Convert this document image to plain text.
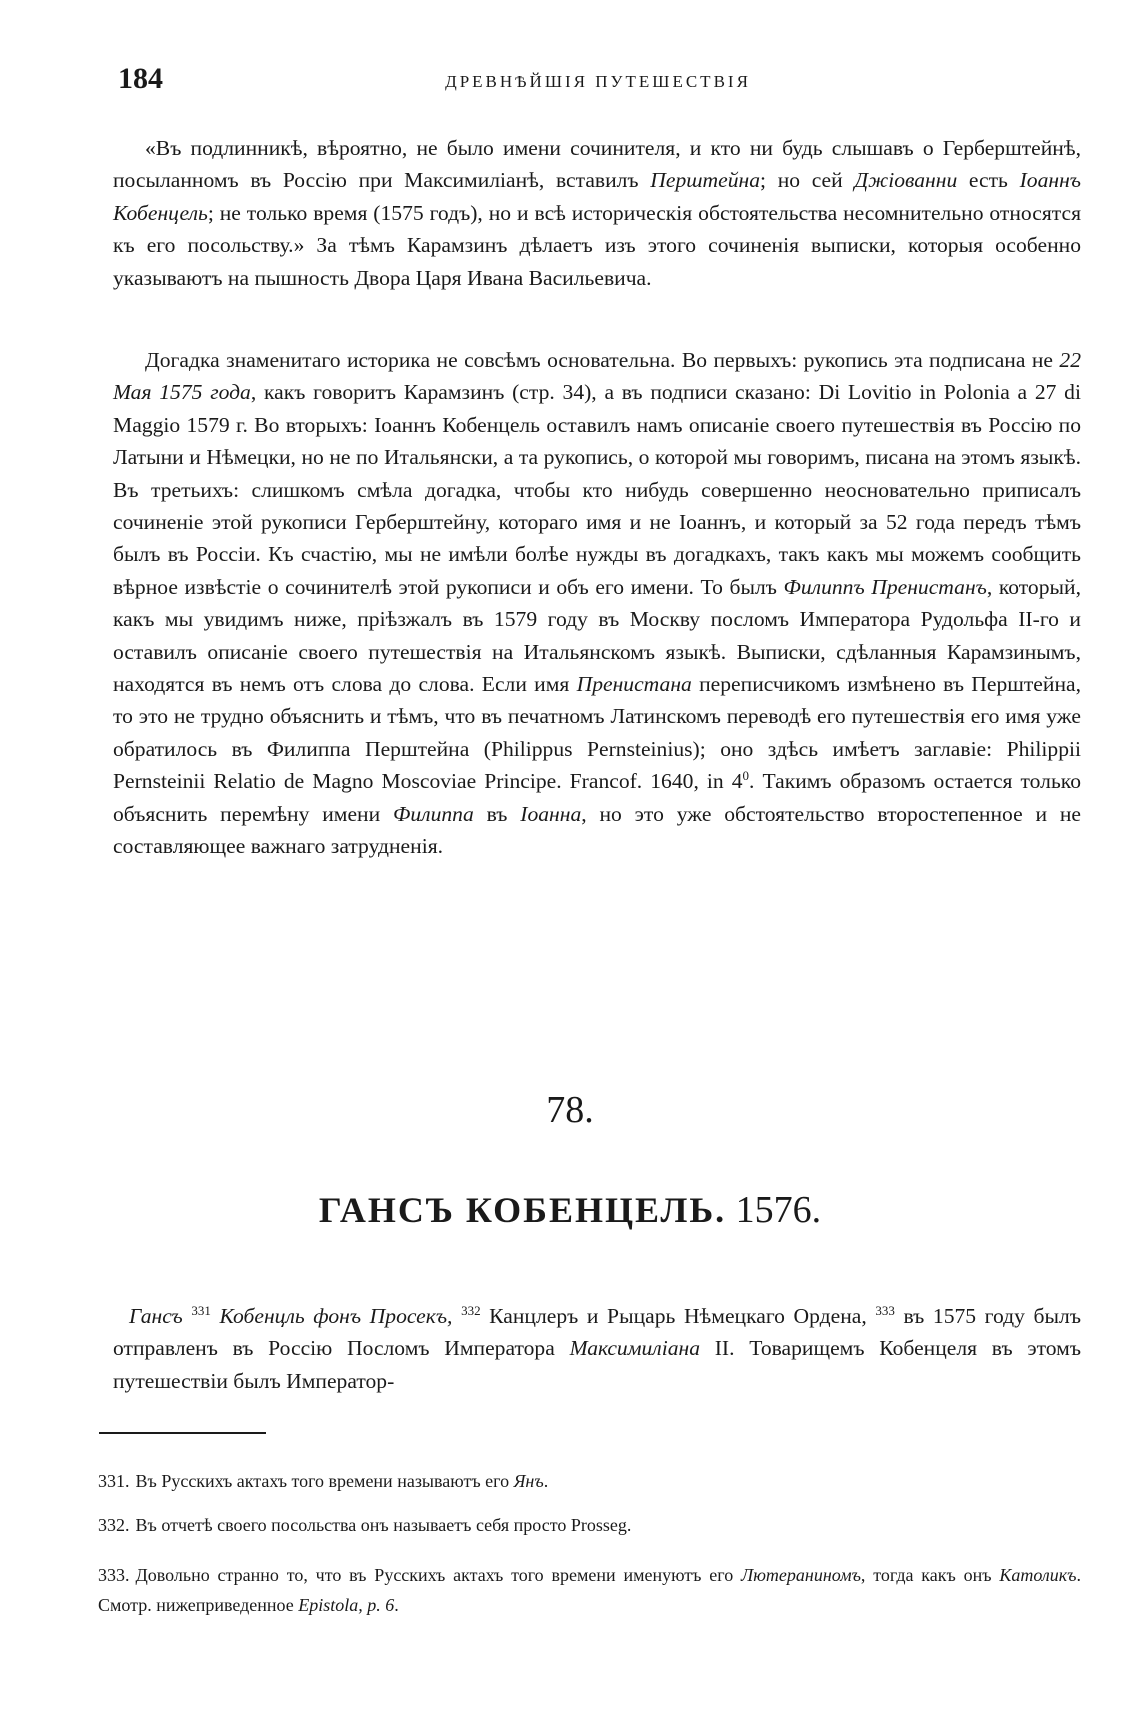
184	ДРЕВНѢЙШІЯ ПУТЕШЕСТВІЯ

«Въ подлинникѣ, вѣроятно, не было имени сочинителя, и кто ни будь слышавъ о Герберштейнѣ, посыланномъ въ Россію при Максимиліанѣ, вставилъ Перштейна; но сей Джіованни есть Іоаннъ Кобенцель; не только время (1575 годъ), но и всѣ историческія обстоятельства несомнительно относятся къ его посольству.» За тѣмъ Карамзинъ дѣлаетъ изъ этого сочиненія выписки, которыя особенно указываютъ на пышность Двора Царя Ивана Васильевича.

Догадка знаменитаго историка не совсѣмъ основательна. Во первыхъ: рукопись эта подписана не 22 Мая 1575 года, какъ говоритъ Карамзинъ (стр. 34), а въ подписи сказано: Di Lovitio in Polonia a 27 di Maggio 1579 г. Во вторыхъ: Іоаннъ Кобенцель оставилъ намъ описаніе своего путешествія въ Россію по Латыни и Нѣмецки, но не по Итальянски, а та рукопись, о которой мы говоримъ, писана на этомъ языкѣ. Въ третьихъ: слишкомъ смѣла догадка, чтобы кто нибудь совершенно неосновательно приписалъ сочиненіе этой рукописи Герберштейну, котораго имя и не Іоаннъ, и который за 52 года передъ тѣмъ былъ въ Россіи. Къ счастію, мы не имѣли болѣе нужды въ догадкахъ, такъ какъ мы можемъ сообщить вѣрное извѣстіе о сочинителѣ этой рукописи и объ его имени. То былъ Филиппъ Пренистанъ, который, какъ мы увидимъ ниже, пріѣзжалъ въ 1579 году въ Москву посломъ Императора Рудольфа II-го и оставилъ описаніе своего путешествія на Итальянскомъ языкѣ. Выписки, сдѣланныя Карамзинымъ, находятся въ немъ отъ слова до слова. Если имя Пренистана переписчикомъ измѣнено въ Перштейна, то это не трудно объяснить и тѣмъ, что въ печатномъ Латинскомъ переводѣ его путешествія его имя уже обратилось въ Филиппа Перштейна (Philippus Pernsteinius); оно здѣсь имѣетъ заглавіе: Philippii Pernsteinii Relatio de Magno Moscoviae Principe. Francof. 1640, in $4^0$. Такимъ образомъ остается только объяснить перемѣну имени Филиппа въ Іоанна, но это уже обстоятельство второстепенное и не составляющее важнаго затрудненія.

78.
ГАНСЪ КОБЕНЦЕЛЬ. 1576.

Гансъ $^{331}$ Кобенцль фонъ Просекъ, $^{332}$ Канцлеръ и Рыцарь Нѣмецкаго Ордена, $^{333}$ въ 1575 году былъ отправленъ въ Россію Посломъ Императора Максимиліана II. Товарищемъ Кобенцеля въ этомъ путешествіи былъ Император-

331. Въ Русскихъ актахъ того времени называютъ его Янъ.

332. Въ отчетѣ своего посольства онъ называетъ себя просто Prosseg.

333. Довольно странно то, что въ Русскихъ актахъ того времени именуютъ его Лютераниномъ, тогда какъ онъ Католикъ. Смотр. нижеприведенное Epistola, p. 6.
